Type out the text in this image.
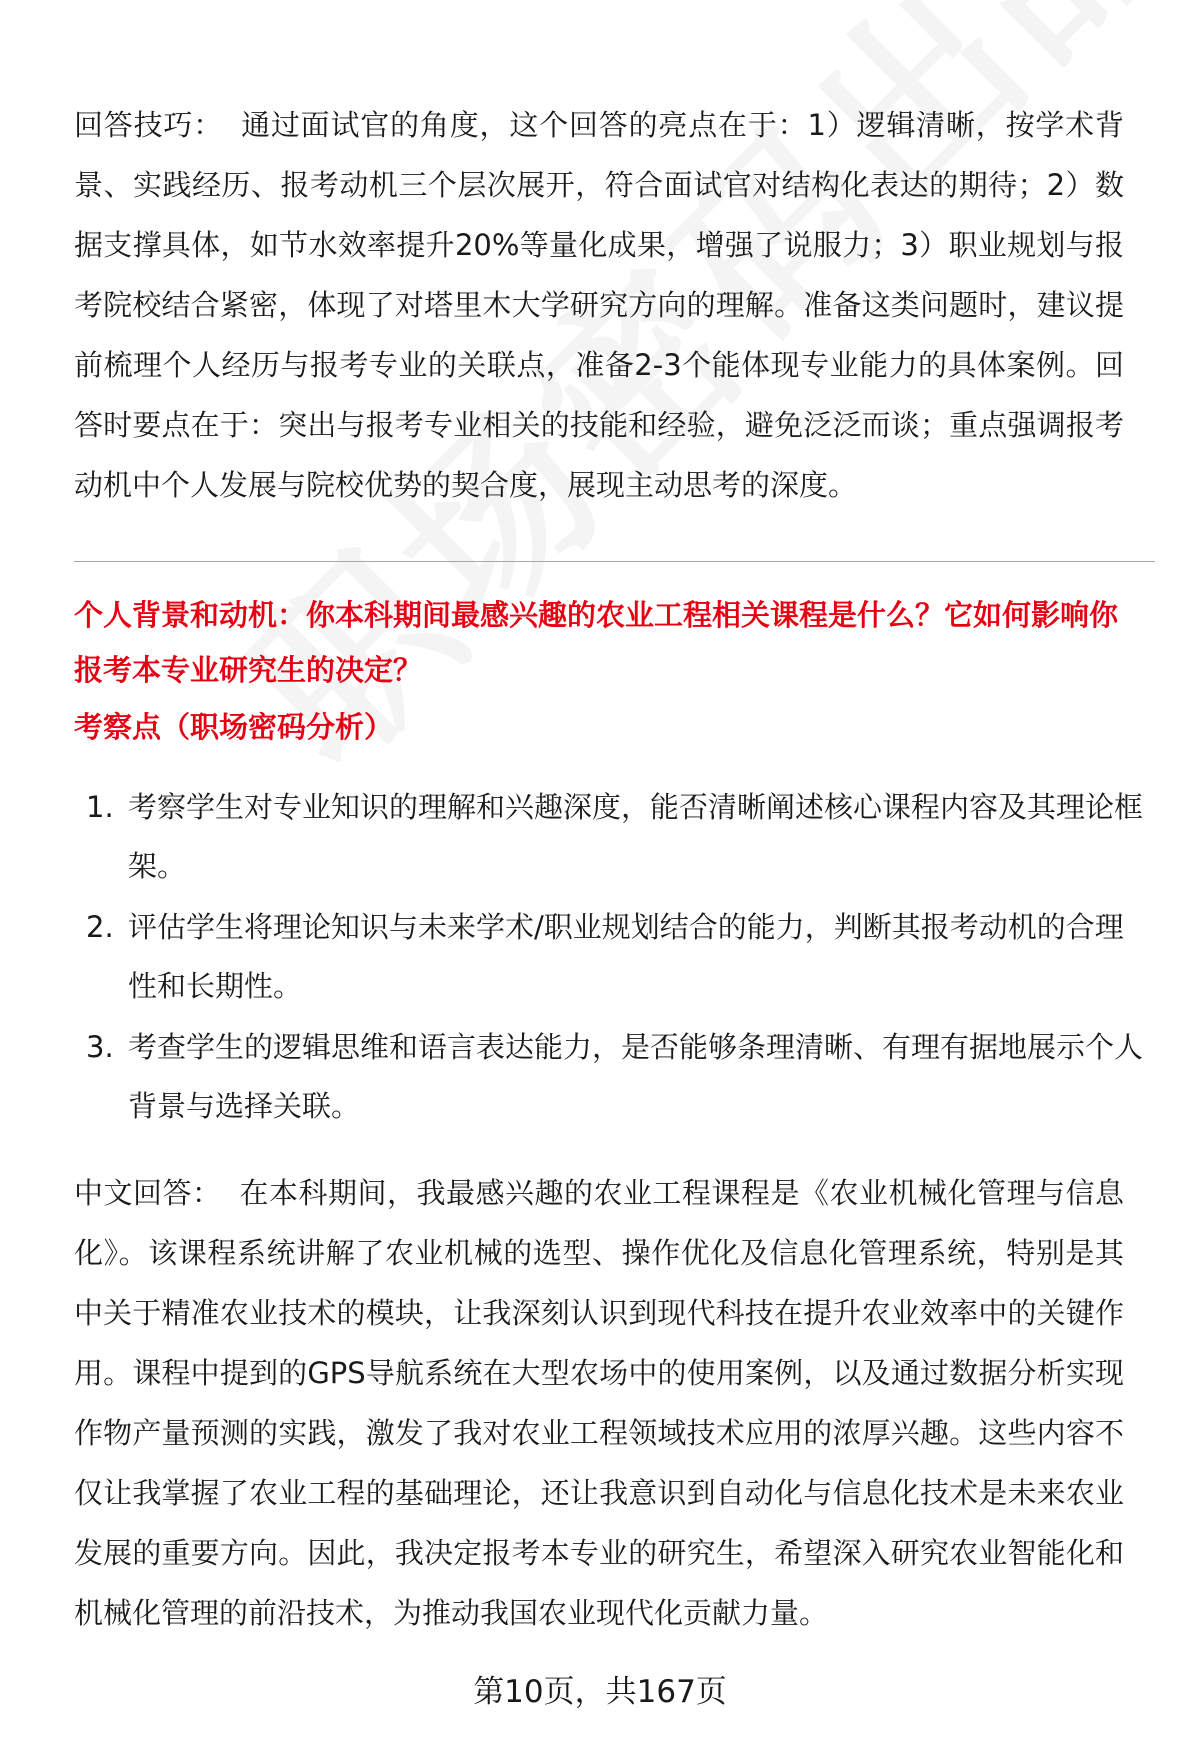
回答技巧： 通过面试官的角度，这个回答的亮点在于：1）逻辑清晰，按学术背景、实践经历、报考动机三个层次展开，符合面试官对结构化表达的期待；2）数据支撑具体，如节水效率提升20%等量化成果，增强了说服力；3）职业规划与报考院校结合紧密，体现了对塔里木大学研究方向的理解。准备这类问题时，建议提前梳理个人经历与报考专业的关联点，准备2-3个能体现专业能力的具体案例。回答时要点在于：突出与报考专业相关的技能和经验，避免泛泛而谈；重点强调报考动机中个人发展与院校优势的契合度，展现主动思考的深度。

个人背景和动机：你本科期间最感兴趣的农业工程相关课程是什么？它如何影响你报考本专业研究生的决定？

考察点（职场密码分析）

1. 考察学生对专业知识的理解和兴趣深度，能否清晰阐述核心课程内容及其理论框架。
2. 评估学生将理论知识与未来学术/职业规划结合的能力，判断其报考动机的合理性和长期性。
3. 考查学生的逻辑思维和语言表达能力，是否能够条理清晰、有理有据地展示个人背景与选择关联。

中文回答： 在本科期间，我最感兴趣的农业工程课程是《农业机械化管理与信息化》。该课程系统讲解了农业机械的选型、操作优化及信息化管理系统，特别是其中关于精准农业技术的模块，让我深刻认识到现代科技在提升农业效率中的关键作用。课程中提到的GPS导航系统在大型农场中的使用案例，以及通过数据分析实现作物产量预测的实践，激发了我对农业工程领域技术应用的浓厚兴趣。这些内容不仅让我掌握了农业工程的基础理论，还让我意识到自动化与信息化技术是未来农业发展的重要方向。因此，我决定报考本专业的研究生，希望深入研究农业智能化和机械化管理的前沿技术，为推动我国农业现代化贡献力量。

第10页，共167页
